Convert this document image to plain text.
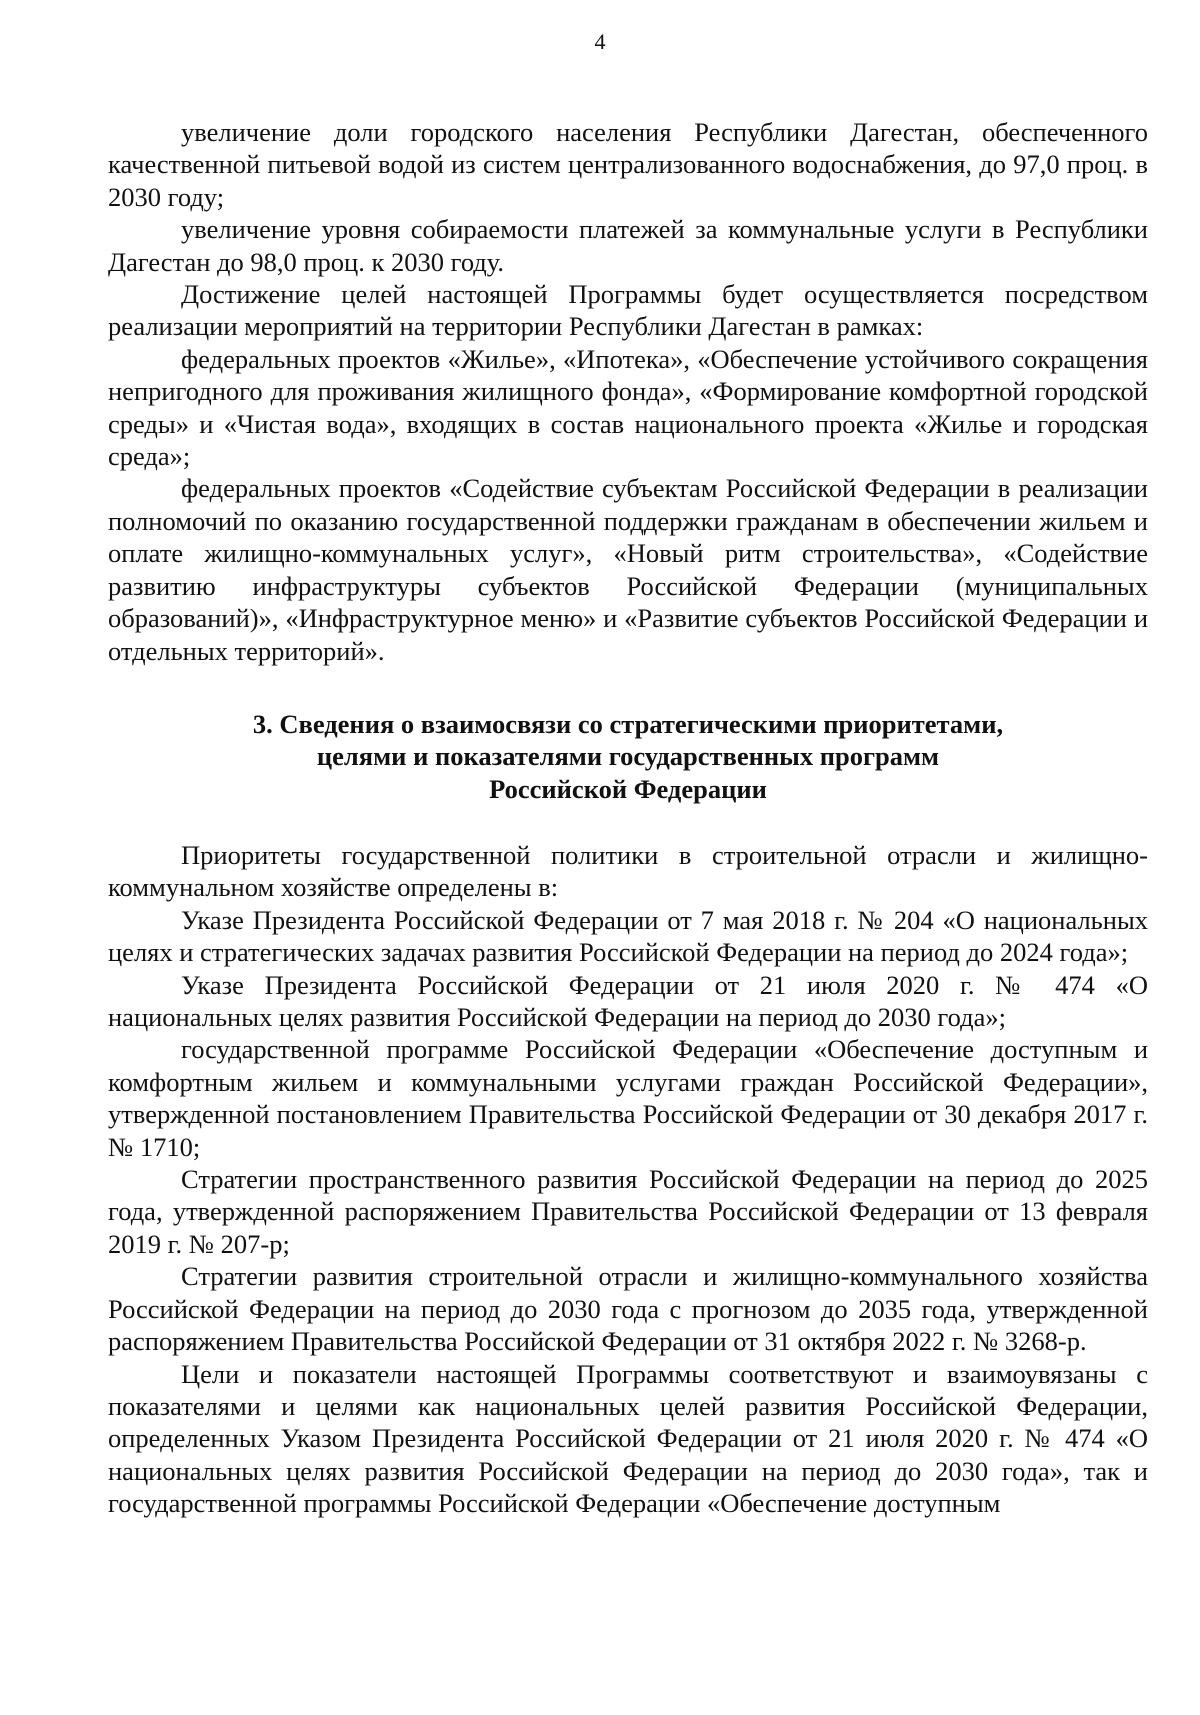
4

увеличение доли городского населения Республики Дагестан, обеспеченного качественной питьевой водой из систем централизованного водоснабжения, до 97,0 проц. в 2030 году;

увеличение уровня собираемости платежей за коммунальные услуги в Республики Дагестан до 98,0 проц. к 2030 году.

Достижение целей настоящей Программы будет осуществляется посредством реализации мероприятий на территории Республики Дагестан в рамках:

федеральных проектов «Жилье», «Ипотека», «Обеспечение устойчивого сокращения непригодного для проживания жилищного фонда», «Формирование комфортной городской среды» и «Чистая вода», входящих в состав национального проекта «Жилье и городская среда»;

федеральных проектов «Содействие субъектам Российской Федерации в реализации полномочий по оказанию государственной поддержки гражданам в обеспечении жильем и оплате жилищно-коммунальных услуг», «Новый ритм строительства», «Содействие развитию инфраструктуры субъектов Российской Федерации (муниципальных образований)», «Инфраструктурное меню» и «Развитие субъектов Российской Федерации и отдельных территорий».

3. Сведения о взаимосвязи со стратегическими приоритетами,
целями и показателями государственных программ
Российской Федерации

Приоритеты государственной политики в строительной отрасли и жилищно-коммунальном хозяйстве определены в:

Указе Президента Российской Федерации от 7 мая 2018 г. № 204 «О национальных целях и стратегических задачах развития Российской Федерации на период до 2024 года»;

Указе Президента Российской Федерации от 21 июля 2020 г. № 474 «О национальных целях развития Российской Федерации на период до 2030 года»;

государственной программе Российской Федерации «Обеспечение доступным и комфортным жильем и коммунальными услугами граждан Российской Федерации», утвержденной постановлением Правительства Российской Федерации от 30 декабря 2017 г. № 1710;

Стратегии пространственного развития Российской Федерации на период до 2025 года, утвержденной распоряжением Правительства Российской Федерации от 13 февраля 2019 г. № 207-р;

Стратегии развития строительной отрасли и жилищно-коммунального хозяйства Российской Федерации на период до 2030 года с прогнозом до 2035 года, утвержденной распоряжением Правительства Российской Федерации от 31 октября 2022 г. № 3268-р.

Цели и показатели настоящей Программы соответствуют и взаимоувязаны с показателями и целями как национальных целей развития Российской Федерации, определенных Указом Президента Российской Федерации от 21 июля 2020 г. № 474 «О национальных целях развития Российской Федерации на период до 2030 года», так и государственной программы Российской Федерации «Обеспечение доступным
